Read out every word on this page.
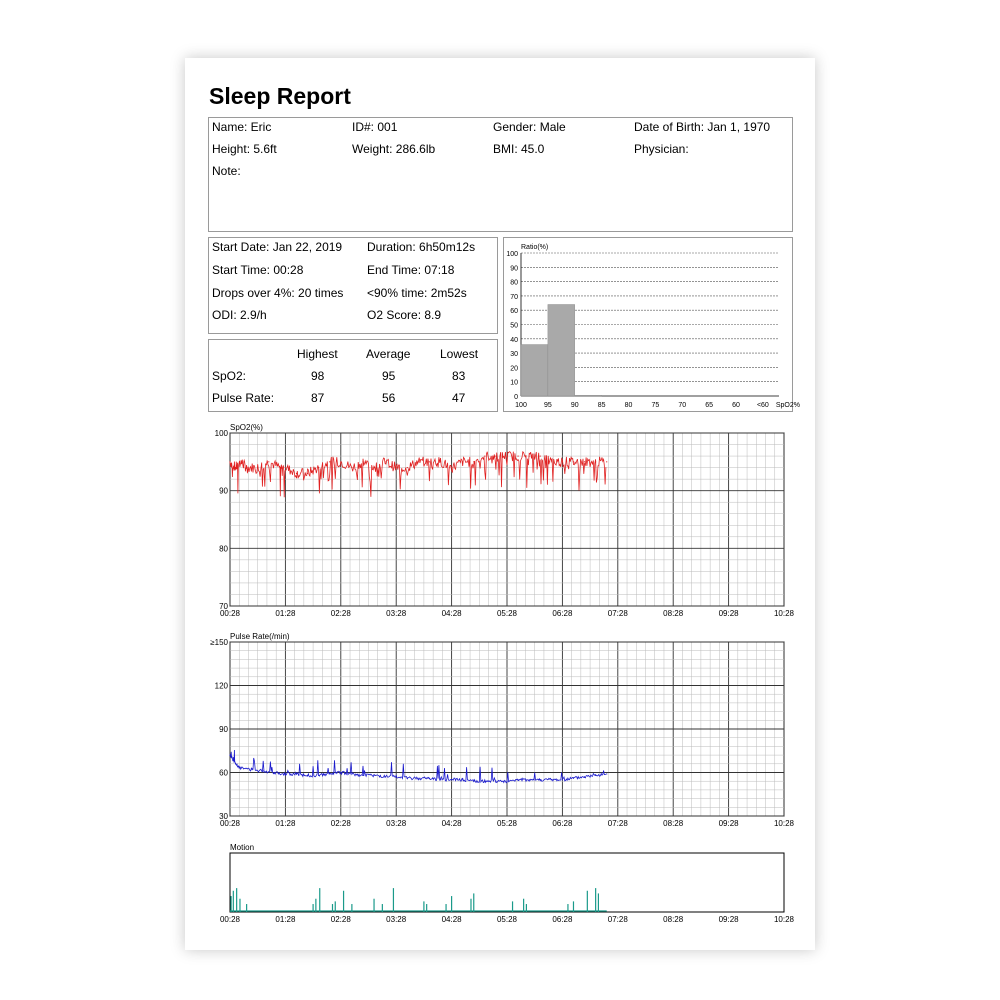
Sleep Report
Name: Eric	ID#: 001	Gender: Male	Date of Birth: Jan 1, 1970
Height: 5.6ft	Weight: 286.6lb	BMI: 45.0	Physician:
Note:
Start Date: Jan 22, 2019 Duration: 6h50m12s
Start Time: 00:28	End Time: 07:18
Drops over 4%: 20 times <90% time: 2m52s
ODI: 2.9/h	O2 Score: 8.9
Highest Average Lowest
SpO2:	98	95	83
Pulse Rate:	87	56	47
Ratio(%)
0
10
20
30
40
50
60
70
80
90
100
100 95	90	85	80	75	70	65	60 <60 SpO2%
SpO2(%)
70
80
90
100
00:28	01:28	02:28	03:28	04:28	05:28	06:28	07:28	08:28	09:28	10:28
Pulse Rate(/min)
30
60
90
120
≥150
00:28	01:28	02:28	03:28	04:28	05:28	06:28	07:28	08:28	09:28	10:28
Motion
00:28	01:28	02:28	03:28	04:28	05:28	06:28	07:28	08:28	09:28	10:28
